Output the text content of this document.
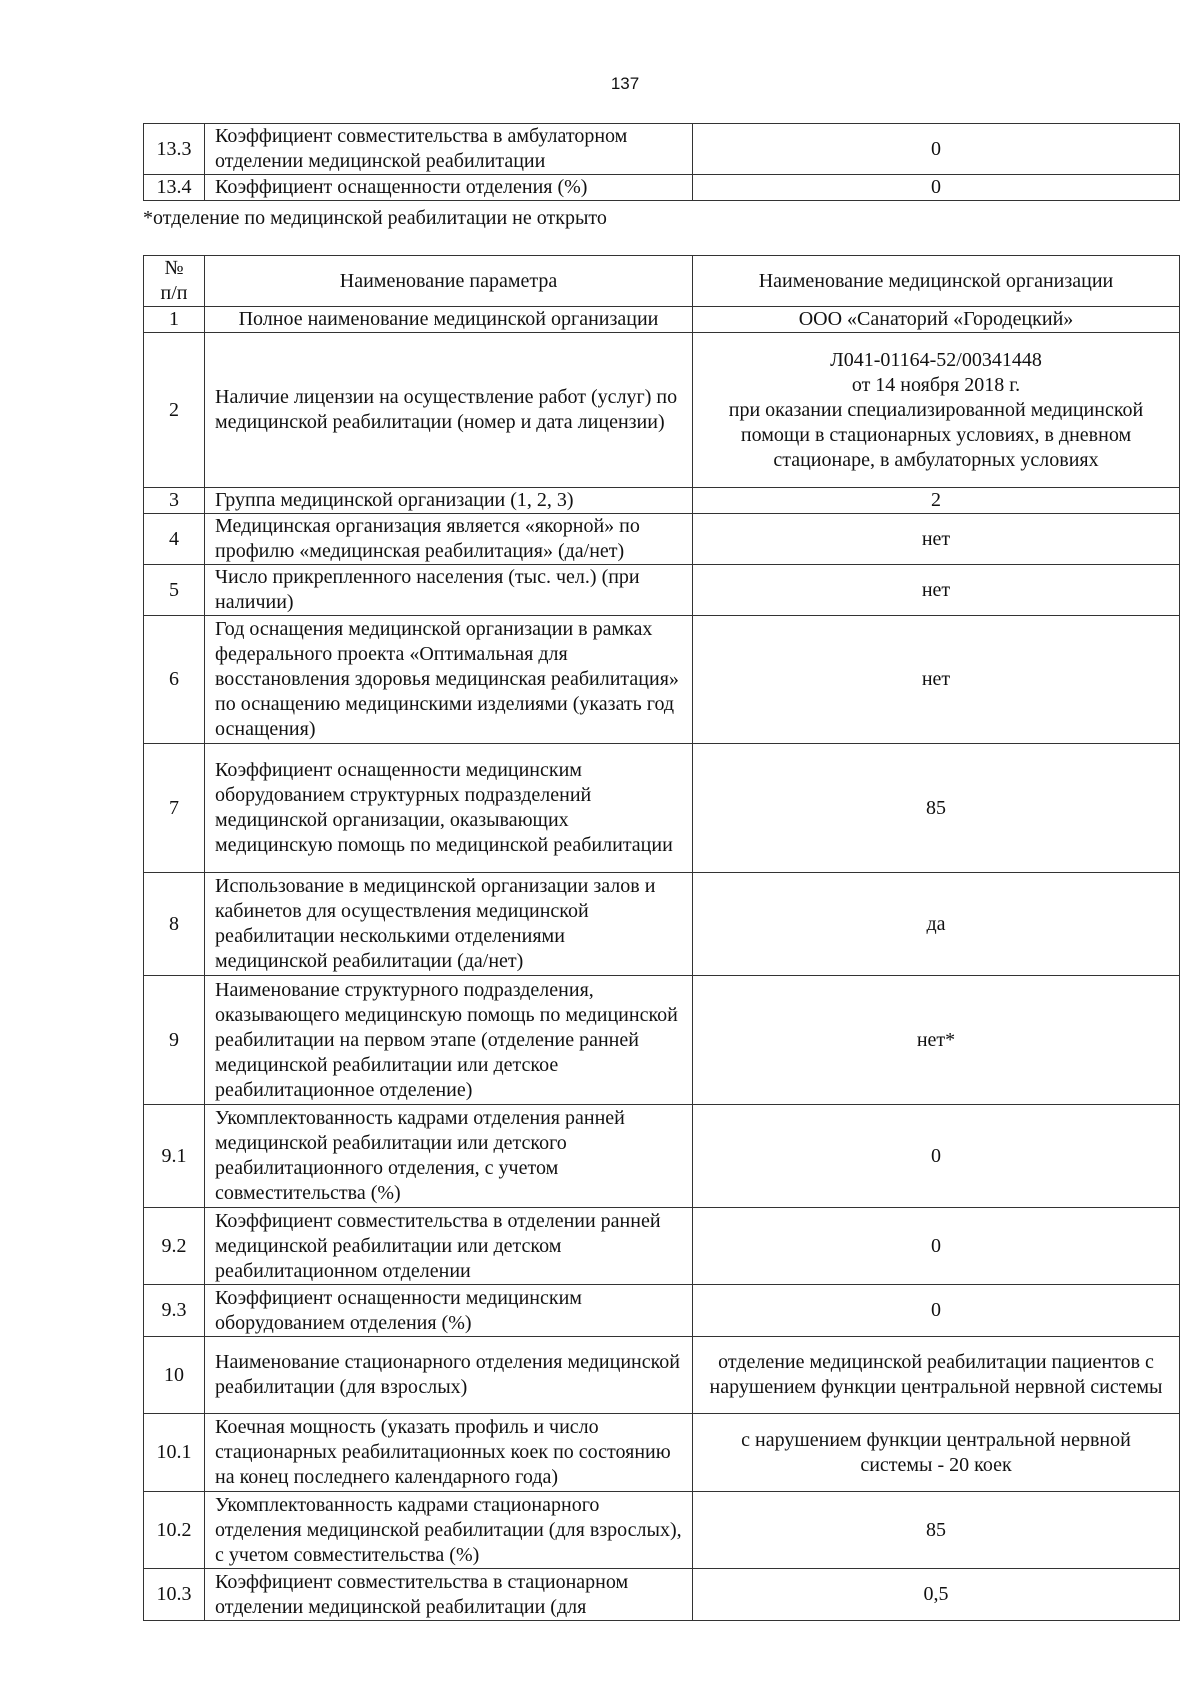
137
13.3	Коэффициент совместительства в амбулаторном отделении медицинской реабилитации	0
13.4	Коэффициент оснащенности отделения (%)	0
*отделение по медицинской реабилитации не открыто
№ п/п	Наименование параметра	Наименование медицинской организации
1	Полное наименование медицинской организации	ООО «Санаторий «Городецкий»
2	Наличие лицензии на осуществление работ (услуг) по медицинской реабилитации (номер и дата лицензии)	Л041-01164-52/00341448
от 14 ноября 2018 г.
при оказании специализированной медицинской помощи в стационарных условиях, в дневном стационаре, в амбулаторных условиях

3	Группа медицинской организации (1, 2, 3)	2
4	Медицинская организация является «якорной» по профилю «медицинская реабилитация» (да/нет)	нет
5	Число прикрепленного населения (тыс. чел.) (при наличии)	нет
6	Год оснащения медицинской организации в рамках федерального проекта «Оптимальная для восстановления здоровья медицинская реабилитация» по оснащению медицинскими изделиями (указать год оснащения)	нет
7	Коэффициент оснащенности медицинским оборудованием структурных подразделений медицинской организации, оказывающих медицинскую помощь по медицинской реабилитации	85
8	Использование в медицинской организации залов и кабинетов для осуществления медицинской реабилитации несколькими отделениями медицинской реабилитации (да/нет)	да
9	Наименование структурного подразделения, оказывающего медицинскую помощь по медицинской реабилитации на первом этапе (отделение ранней медицинской реабилитации или детское реабилитационное отделение)	нет*
9.1	Укомплектованность кадрами отделения ранней медицинской реабилитации или детского реабилитационного отделения, с учетом совместительства (%)	0
9.2	Коэффициент совместительства в отделении ранней медицинской реабилитации или детском реабилитационном отделении	0
9.3	Коэффициент оснащенности медицинским оборудованием отделения (%)	0
10	Наименование стационарного отделения медицинской реабилитации (для взрослых)	отделение медицинской реабилитации пациентов с нарушением функции центральной нервной системы
10.1	Коечная мощность (указать профиль и число стационарных реабилитационных коек по состоянию на конец последнего календарного года)	с нарушением функции центральной нервной системы - 20 коек
10.2	Укомплектованность кадрами стационарного отделения медицинской реабилитации (для взрослых), с учетом совместительства (%)	85
10.3	Коэффициент совместительства в стационарном отделении медицинской реабилитации (для	0,5
